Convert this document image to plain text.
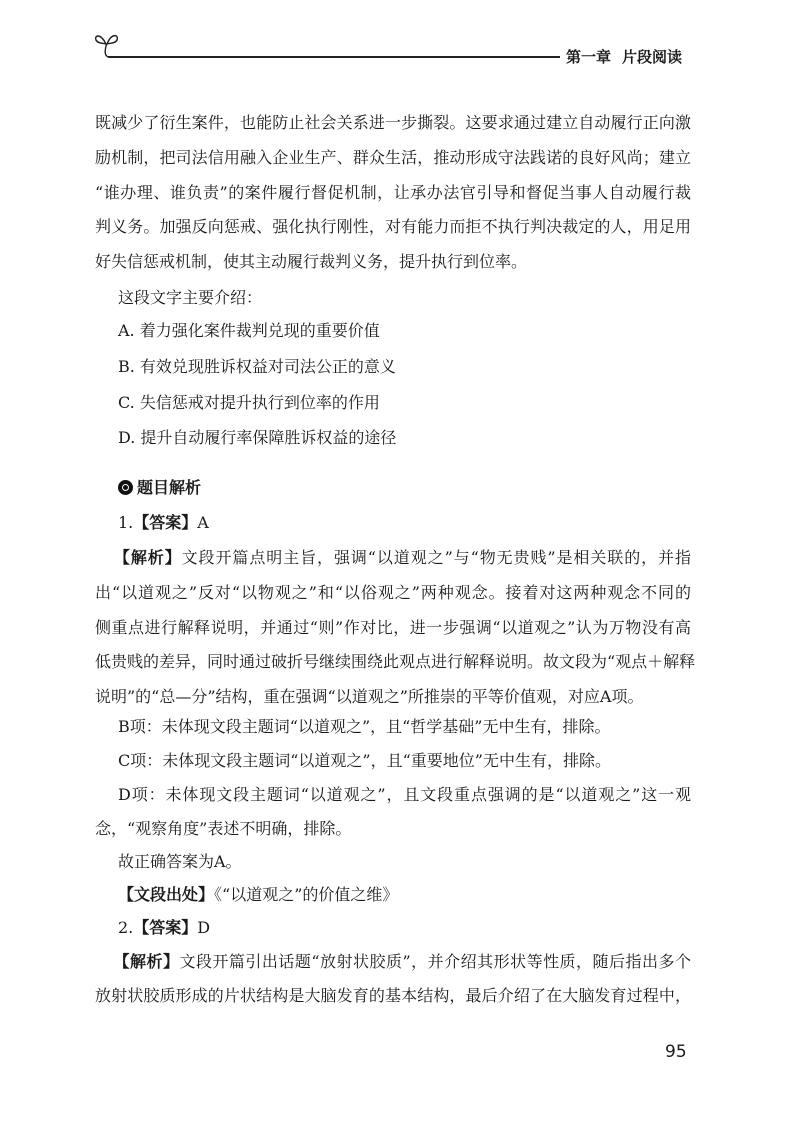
第一章 片段阅读
既减少了衍生案件，也能防止社会关系进一步撕裂。这要求通过建立自动履行正向激
励机制，把司法信用融入企业生产、群众生活，推动形成守法践诺的良好风尚；建立
“谁办理、谁负责”的案件履行督促机制，让承办法官引导和督促当事人自动履行裁
判义务。加强反向惩戒、强化执行刚性，对有能力而拒不执行判决裁定的人，用足用
好失信惩戒机制，使其主动履行裁判义务，提升执行到位率。
这段文字主要介绍：
A. 着力强化案件裁判兑现的重要价值
B. 有效兑现胜诉权益对司法公正的意义
C. 失信惩戒对提升执行到位率的作用
D. 提升自动履行率保障胜诉权益的途径
题目解析
1.【答案】A
【解析】文段开篇点明主旨，强调“以道观之”与“物无贵贱”是相关联的，并指
出“以道观之”反对“以物观之”和“以俗观之”两种观念。接着对这两种观念不同的
侧重点进行解释说明，并通过“则”作对比，进一步强调“以道观之”认为万物没有高
低贵贱的差异，同时通过破折号继续围绕此观点进行解释说明。故文段为“观点＋解释
说明”的“总—分”结构，重在强调“以道观之”所推崇的平等价值观，对应A项。
B项：未体现文段主题词“以道观之”，且“哲学基础”无中生有，排除。
C项：未体现文段主题词“以道观之”，且“重要地位”无中生有，排除。
D项：未体现文段主题词“以道观之”，且文段重点强调的是“以道观之”这一观
念，“观察角度”表述不明确，排除。
故正确答案为A。
【文段出处】《“以道观之”的价值之维》
2.【答案】D
【解析】文段开篇引出话题“放射状胶质”，并介绍其形状等性质，随后指出多个
放射状胶质形成的片状结构是大脑发育的基本结构，最后介绍了在大脑发育过程中，
95
